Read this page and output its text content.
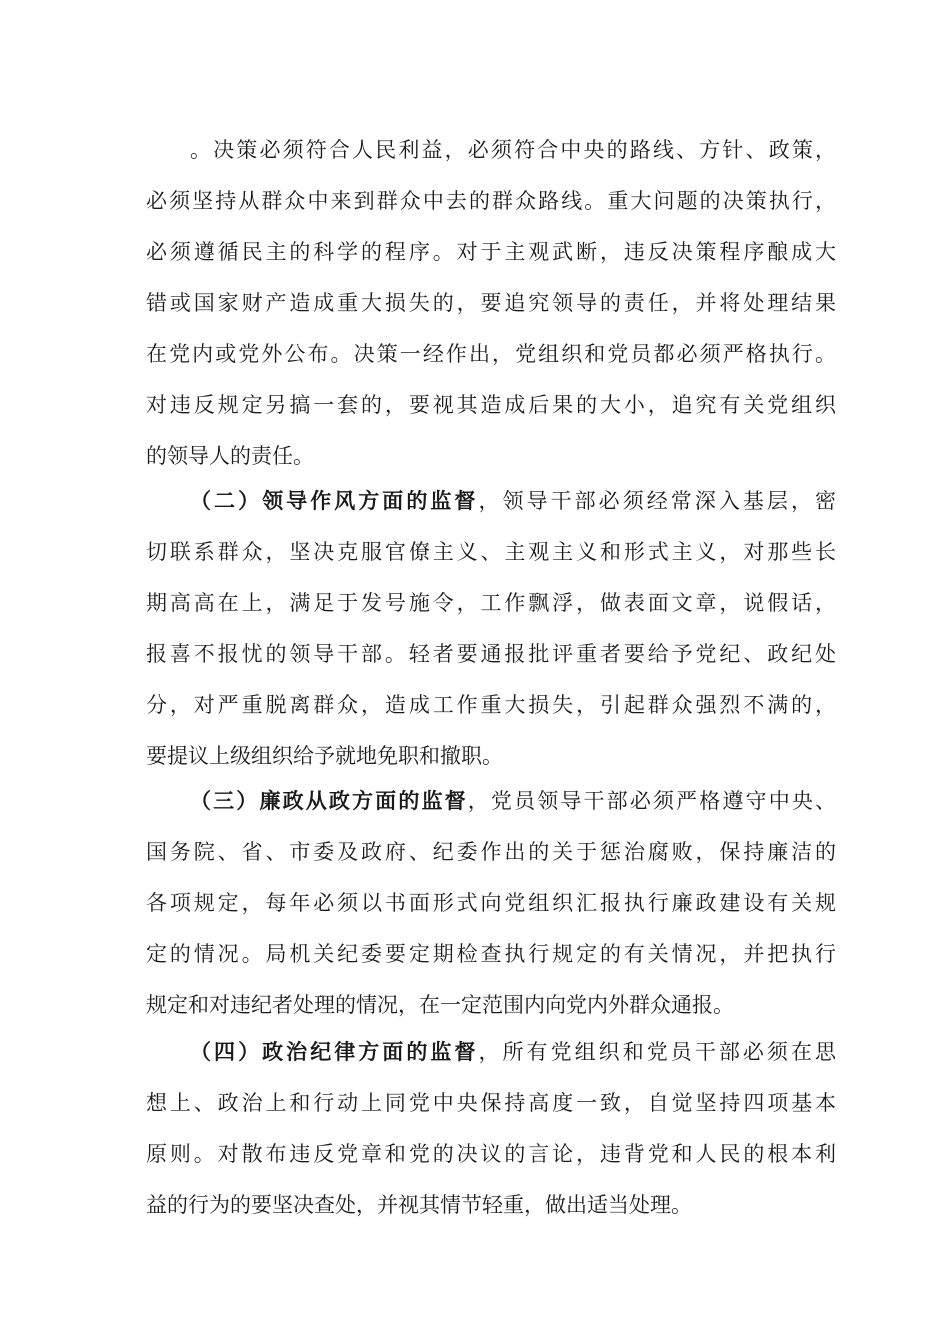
。决策必须符合人民利益，必须符合中央的路线、方针、政策，
必须坚持从群众中来到群众中去的群众路线。重大问题的决策执行，
必须遵循民主的科学的程序。对于主观武断，违反决策程序酿成大
错或国家财产造成重大损失的，要追究领导的责任，并将处理结果
在党内或党外公布。决策一经作出，党组织和党员都必须严格执行。
对违反规定另搞一套的，要视其造成后果的大小，追究有关党组织
的领导人的责任。
（二）领导作风方面的监督，领导干部必须经常深入基层，密
切联系群众，坚决克服官僚主义、主观主义和形式主义，对那些长
期高高在上，满足于发号施令，工作飘浮，做表面文章，说假话，
报喜不报忧的领导干部。轻者要通报批评重者要给予党纪、政纪处
分，对严重脱离群众，造成工作重大损失，引起群众强烈不满的，
要提议上级组织给予就地免职和撤职。
（三）廉政从政方面的监督，党员领导干部必须严格遵守中央、
国务院、省、市委及政府、纪委作出的关于惩治腐败，保持廉洁的
各项规定，每年必须以书面形式向党组织汇报执行廉政建设有关规
定的情况。局机关纪委要定期检查执行规定的有关情况，并把执行
规定和对违纪者处理的情况，在一定范围内向党内外群众通报。
（四）政治纪律方面的监督，所有党组织和党员干部必须在思
想上、政治上和行动上同党中央保持高度一致，自觉坚持四项基本
原则。对散布违反党章和党的决议的言论，违背党和人民的根本利
益的行为的要坚决查处，并视其情节轻重，做出适当处理。
